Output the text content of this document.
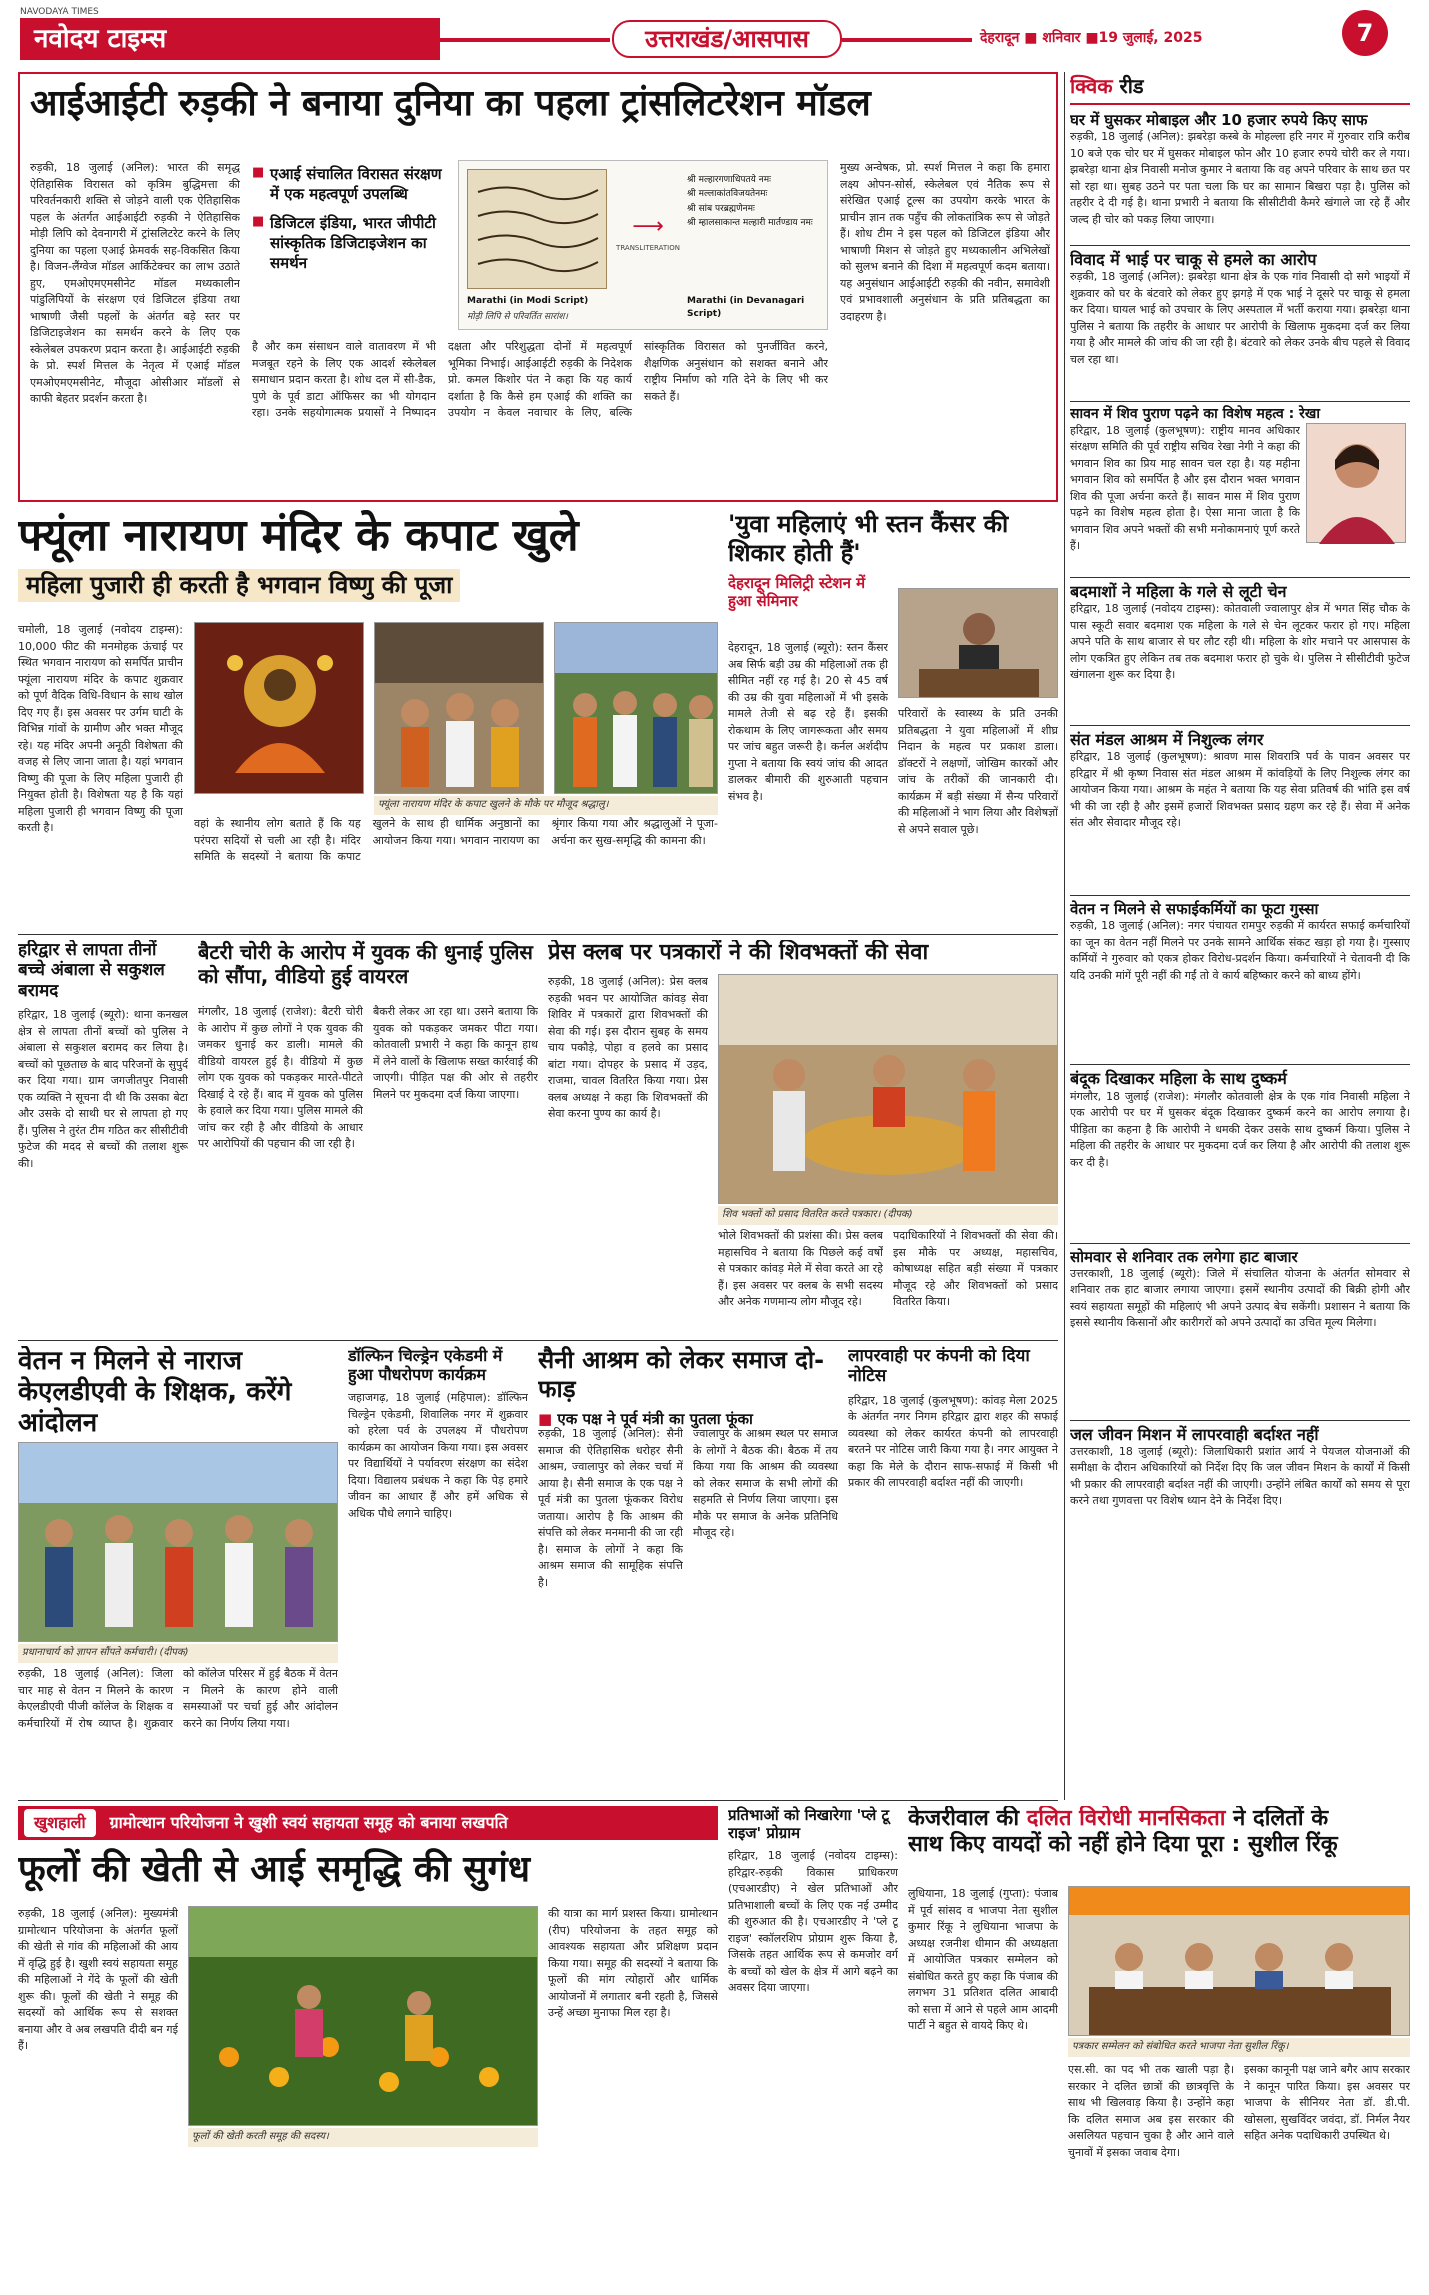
NAVODAYA TIMES
नवोदय टाइम्स	उत्तराखंड/आसपास	देहरादून ■ शनिवार ■19 जुलाई, 2025	7
आईआईटी रुड़की ने बनाया दुनिया का पहला ट्रांसलिटरेशन मॉडल
रुड़की, 18 जुलाई (अनिल): भारत की समृद्ध ऐतिहासिक विरासत को कृत्रिम बुद्धिमत्ता की परिवर्तनकारी शक्ति से जोड़ने वाली एक ऐतिहासिक पहल के अंतर्गत आईआईटी रुड़की ने ऐतिहासिक मोड़ी लिपि को देवनागरी में ट्रांसलिटरेट करने के लिए दुनिया का पहला एआई फ्रेमवर्क सह-विकसित किया है। विजन-लैंग्वेज मॉडल आर्किटेक्चर का लाभ उठाते हुए, एमओएमएमसीनेट मॉडल मध्यकालीन पांडुलिपियों के संरक्षण एवं डिजिटल इंडिया तथा भाषाणी जैसी पहलों के अंतर्गत बड़े स्तर पर डिजिटाइजेशन का समर्थन करने के लिए एक स्केलेबल उपकरण प्रदान करता है। आईआईटी रुड़की के प्रो. स्पर्श मित्तल के नेतृत्व में एआई मॉडल एमओएमएमसीनेट, मौजूदा ओसीआर मॉडलों से काफी बेहतर प्रदर्शन करता है।
■ एआई संचालित विरासत संरक्षण में एक महत्वपूर्ण उपलब्धि
■ डिजिटल इंडिया, भारत जीपीटी सांस्कृतिक डिजिटाइजेशन का समर्थन
⟶
TRANSLITERATION
श्री मल्हारगणाधिपतये नमः
श्री मल्लाकांतविजयतेनमः
श्री सांब परब्रह्मणेनमः
श्री म्हालसाकान्त मल्हारी मार्तण्डाय नमः
Marathi (in Modi Script)	Marathi (in Devanagari Script)
मोड़ी लिपि से परिवर्तित सारांश।
है और कम संसाधन वाले वातावरण में भी मजबूत रहने के लिए एक आदर्श स्केलेबल समाधान प्रदान करता है। शोध दल में सी-डैक, पुणे के पूर्व डाटा ऑफिसर का भी योगदान रहा। उनके सहयोगात्मक प्रयासों ने निष्पादन दक्षता और परिशुद्धता दोनों में महत्वपूर्ण भूमिका निभाई। आईआईटी रुड़की के निदेशक प्रो. कमल किशोर पंत ने कहा कि यह कार्य दर्शाता है कि कैसे हम एआई की शक्ति का उपयोग न केवल नवाचार के लिए, बल्कि सांस्कृतिक विरासत को पुनर्जीवित करने, शैक्षणिक अनुसंधान को सशक्त बनाने और राष्ट्रीय निर्माण को गति देने के लिए भी कर सकते हैं।
मुख्य अन्वेषक, प्रो. स्पर्श मित्तल ने कहा कि हमारा लक्ष्य ओपन-सोर्स, स्केलेबल एवं नैतिक रूप से संरेखित एआई टूल्स का उपयोग करके भारत के प्राचीन ज्ञान तक पहुँच की लोकतांत्रिक रूप से जोड़ते हैं। शोध टीम ने इस पहल को डिजिटल इंडिया और भाषाणी मिशन से जोड़ते हुए मध्यकालीन अभिलेखों को सुलभ बनाने की दिशा में महत्वपूर्ण कदम बताया। यह अनुसंधान आईआईटी रुड़की की नवीन, समावेशी एवं प्रभावशाली अनुसंधान के प्रति प्रतिबद्धता का उदाहरण है।
क्विक रीड
घर में घुसकर मोबाइल और 10 हजार रुपये किए साफ
रुड़की, 18 जुलाई (अनिल): झबरेड़ा कस्बे के मोहल्ला हरि नगर में गुरुवार रात्रि करीब 10 बजे एक चोर घर में घुसकर मोबाइल फोन और 10 हजार रुपये चोरी कर ले गया। झबरेड़ा थाना क्षेत्र निवासी मनोज कुमार ने बताया कि वह अपने परिवार के साथ छत पर सो रहा था। सुबह उठने पर पता चला कि घर का सामान बिखरा पड़ा है। पुलिस को तहरीर दे दी गई है। थाना प्रभारी ने बताया कि सीसीटीवी कैमरे खंगाले जा रहे हैं और जल्द ही चोर को पकड़ लिया जाएगा।
विवाद में भाई पर चाकू से हमले का आरोप
रुड़की, 18 जुलाई (अनिल): झबरेड़ा थाना क्षेत्र के एक गांव निवासी दो सगे भाइयों में शुक्रवार को घर के बंटवारे को लेकर हुए झगड़े में एक भाई ने दूसरे पर चाकू से हमला कर दिया। घायल भाई को उपचार के लिए अस्पताल में भर्ती कराया गया। झबरेड़ा थाना पुलिस ने बताया कि तहरीर के आधार पर आरोपी के खिलाफ मुकदमा दर्ज कर लिया गया है और मामले की जांच की जा रही है। बंटवारे को लेकर उनके बीच पहले से विवाद चल रहा था।
सावन में शिव पुराण पढ़ने का विशेष महत्व : रेखा
हरिद्वार, 18 जुलाई (कुलभूषण): राष्ट्रीय मानव अधिकार संरक्षण समिति की पूर्व राष्ट्रीय सचिव रेखा नेगी ने कहा की भगवान शिव का प्रिय माह सावन चल रहा है। यह महीना भगवान शिव को समर्पित है और इस दौरान भक्त भगवान शिव की पूजा अर्चना करते हैं। सावन मास में शिव पुराण पढ़ने का विशेष महत्व होता है। ऐसा माना जाता है कि भगवान शिव अपने भक्तों की सभी मनोकामनाएं पूर्ण करते हैं।
बदमाशों ने महिला के गले से लूटी चेन
हरिद्वार, 18 जुलाई (नवोदय टाइम्स): कोतवाली ज्वालापुर क्षेत्र में भगत सिंह चौक के पास स्कूटी सवार बदमाश एक महिला के गले से चेन लूटकर फरार हो गए। महिला अपने पति के साथ बाजार से घर लौट रही थी। महिला के शोर मचाने पर आसपास के लोग एकत्रित हुए लेकिन तब तक बदमाश फरार हो चुके थे। पुलिस ने सीसीटीवी फुटेज खंगालना शुरू कर दिया है।
संत मंडल आश्रम में निशुल्क लंगर
हरिद्वार, 18 जुलाई (कुलभूषण): श्रावण मास शिवरात्रि पर्व के पावन अवसर पर हरिद्वार में श्री कृष्ण निवास संत मंडल आश्रम में कांवड़ियों के लिए निशुल्क लंगर का आयोजन किया गया। आश्रम के महंत ने बताया कि यह सेवा प्रतिवर्ष की भांति इस वर्ष भी की जा रही है और इसमें हजारों शिवभक्त प्रसाद ग्रहण कर रहे हैं। सेवा में अनेक संत और सेवादार मौजूद रहे।
वेतन न मिलने से सफाईकर्मियों का फूटा गुस्सा
रुड़की, 18 जुलाई (अनिल): नगर पंचायत रामपुर रुड़की में कार्यरत सफाई कर्मचारियों का जून का वेतन नहीं मिलने पर उनके सामने आर्थिक संकट खड़ा हो गया है। गुस्साए कर्मियों ने गुरुवार को एकत्र होकर विरोध-प्रदर्शन किया। कर्मचारियों ने चेतावनी दी कि यदि उनकी मांगें पूरी नहीं की गईं तो वे कार्य बहिष्कार करने को बाध्य होंगे।
बंदूक दिखाकर महिला के साथ दुष्कर्म
मंगलौर, 18 जुलाई (राजेश): मंगलौर कोतवाली क्षेत्र के एक गांव निवासी महिला ने एक आरोपी पर घर में घुसकर बंदूक दिखाकर दुष्कर्म करने का आरोप लगाया है। पीड़िता का कहना है कि आरोपी ने धमकी देकर उसके साथ दुष्कर्म किया। पुलिस ने महिला की तहरीर के आधार पर मुकदमा दर्ज कर लिया है और आरोपी की तलाश शुरू कर दी है।
सोमवार से शनिवार तक लगेगा हाट बाजार
उत्तरकाशी, 18 जुलाई (ब्यूरो): जिले में संचालित योजना के अंतर्गत सोमवार से शनिवार तक हाट बाजार लगाया जाएगा। इसमें स्थानीय उत्पादों की बिक्री होगी और स्वयं सहायता समूहों की महिलाएं भी अपने उत्पाद बेच सकेंगी। प्रशासन ने बताया कि इससे स्थानीय किसानों और कारीगरों को अपने उत्पादों का उचित मूल्य मिलेगा।
जल जीवन मिशन में लापरवाही बर्दाश्त नहीं
उत्तरकाशी, 18 जुलाई (ब्यूरो): जिलाधिकारी प्रशांत आर्य ने पेयजल योजनाओं की समीक्षा के दौरान अधिकारियों को निर्देश दिए कि जल जीवन मिशन के कार्यों में किसी भी प्रकार की लापरवाही बर्दाश्त नहीं की जाएगी। उन्होंने लंबित कार्यों को समय से पूरा करने तथा गुणवत्ता पर विशेष ध्यान देने के निर्देश दिए।
फ्यूंला नारायण मंदिर के कपाट खुले
महिला पुजारी ही करती है भगवान विष्णु की पूजा
चमोली, 18 जुलाई (नवोदय टाइम्स): 10,000 फीट की मनमोहक ऊंचाई पर स्थित भगवान नारायण को समर्पित प्राचीन फ्यूंला नारायण मंदिर के कपाट शुक्रवार को पूर्ण वैदिक विधि-विधान के साथ खोल दिए गए हैं। इस अवसर पर उर्गम घाटी के विभिन्न गांवों के ग्रामीण और भक्त मौजूद रहे। यह मंदिर अपनी अनूठी विशेषता की वजह से लिए जाना जाता है। यहां भगवान विष्णु की पूजा के लिए महिला पुजारी ही नियुक्त होती है। विशेषता यह है कि यहां महिला पुजारी ही भगवान विष्णु की पूजा करती है।
फ्यूंला नारायण मंदिर के कपाट खुलने के मौके पर मौजूद श्रद्धालु।
वहां के स्थानीय लोग बताते हैं कि यह परंपरा सदियों से चली आ रही है। मंदिर समिति के सदस्यों ने बताया कि कपाट खुलने के साथ ही धार्मिक अनुष्ठानों का आयोजन किया गया। भगवान नारायण का श्रृंगार किया गया और श्रद्धालुओं ने पूजा-अर्चना कर सुख-समृद्धि की कामना की।
'युवा महिलाएं भी स्तन कैंसर की शिकार होती हैं'
देहरादून मिलिट्री स्टेशन में हुआ सेमिनार
देहरादून, 18 जुलाई (ब्यूरो): स्तन कैंसर अब सिर्फ बड़ी उम्र की महिलाओं तक ही सीमित नहीं रह गई है। 20 से 45 वर्ष की उम्र की युवा महिलाओं में भी इसके मामले तेजी से बढ़ रहे हैं। इसकी रोकथाम के लिए जागरूकता और समय पर जांच बहुत जरूरी है। कर्नल अर्शदीप गुप्ता ने बताया कि स्वयं जांच की आदत डालकर बीमारी की शुरुआती पहचान संभव है।
परिवारों के स्वास्थ्य के प्रति उनकी प्रतिबद्धता ने युवा महिलाओं में शीघ्र निदान के महत्व पर प्रकाश डाला। डॉक्टरों ने लक्षणों, जोखिम कारकों और जांच के तरीकों की जानकारी दी। कार्यक्रम में बड़ी संख्या में सैन्य परिवारों की महिलाओं ने भाग लिया और विशेषज्ञों से अपने सवाल पूछे।
हरिद्वार से लापता तीनों बच्चे अंबाला से सकुशल बरामद
हरिद्वार, 18 जुलाई (ब्यूरो): थाना कनखल क्षेत्र से लापता तीनों बच्चों को पुलिस ने अंबाला से सकुशल बरामद कर लिया है। बच्चों को पूछताछ के बाद परिजनों के सुपुर्द कर दिया गया। ग्राम जगजीतपुर निवासी एक व्यक्ति ने सूचना दी थी कि उसका बेटा और उसके दो साथी घर से लापता हो गए हैं। पुलिस ने तुरंत टीम गठित कर सीसीटीवी फुटेज की मदद से बच्चों की तलाश शुरू की।
बैटरी चोरी के आरोप में युवक की धुनाई पुलिस को सौंपा, वीडियो हुई वायरल
मंगलौर, 18 जुलाई (राजेश): बैटरी चोरी के आरोप में कुछ लोगों ने एक युवक की जमकर धुनाई कर डाली। मामले की वीडियो वायरल हुई है। वीडियो में कुछ लोग एक युवक को पकड़कर मारते-पीटते दिखाई दे रहे हैं। बाद में युवक को पुलिस के हवाले कर दिया गया। पुलिस मामले की जांच कर रही है और वीडियो के आधार पर आरोपियों की पहचान की जा रही है।
बैकरी लेकर आ रहा था। उसने बताया कि युवक को पकड़कर जमकर पीटा गया। कोतवाली प्रभारी ने कहा कि कानून हाथ में लेने वालों के खिलाफ सख्त कार्रवाई की जाएगी। पीड़ित पक्ष की ओर से तहरीर मिलने पर मुकदमा दर्ज किया जाएगा।
प्रेस क्लब पर पत्रकारों ने की शिवभक्तों की सेवा
रुड़की, 18 जुलाई (अनिल): प्रेस क्लब रुड़की भवन पर आयोजित कांवड़ सेवा शिविर में पत्रकारों द्वारा शिवभक्तों की सेवा की गई। इस दौरान सुबह के समय चाय पकौड़े, पोहा व हलवे का प्रसाद बांटा गया। दोपहर के प्रसाद में उड़द, राजमा, चावल वितरित किया गया। प्रेस क्लब अध्यक्ष ने कहा कि शिवभक्तों की सेवा करना पुण्य का कार्य है।
शिव भक्तों को प्रसाद वितरित करते पत्रकार। (दीपक)
भोले शिवभक्तों की प्रशंसा की। प्रेस क्लब महासचिव ने बताया कि पिछले कई वर्षों से पत्रकार कांवड़ मेले में सेवा करते आ रहे हैं। इस अवसर पर क्लब के सभी सदस्य और अनेक गणमान्य लोग मौजूद रहे।
पदाधिकारियों ने शिवभक्तों की सेवा की। इस मौके पर अध्यक्ष, महासचिव, कोषाध्यक्ष सहित बड़ी संख्या में पत्रकार मौजूद रहे और शिवभक्तों को प्रसाद वितरित किया।
वेतन न मिलने से नाराज केएलडीएवी के शिक्षक, करेंगे आंदोलन
प्रधानाचार्य को ज्ञापन सौंपते कर्मचारी। (दीपक)
रुड़की, 18 जुलाई (अनिल): जिला चार माह से वेतन न मिलने के कारण केएलडीएवी पीजी कॉलेज के शिक्षक व कर्मचारियों में रोष व्याप्त है। शुक्रवार को कॉलेज परिसर में हुई बैठक में वेतन न मिलने के कारण होने वाली समस्याओं पर चर्चा हुई और आंदोलन करने का निर्णय लिया गया।
डॉल्फिन चिल्ड्रेन एकेडमी में हुआ पौधरोपण कार्यक्रम
जहाजगढ़, 18 जुलाई (महिपाल): डॉल्फिन चिल्ड्रेन एकेडमी, शिवालिक नगर में शुक्रवार को हरेला पर्व के उपलक्ष्य में पौधरोपण कार्यक्रम का आयोजन किया गया। इस अवसर पर विद्यार्थियों ने पर्यावरण संरक्षण का संदेश दिया। विद्यालय प्रबंधक ने कहा कि पेड़ हमारे जीवन का आधार हैं और हमें अधिक से अधिक पौधे लगाने चाहिए।
सैनी आश्रम को लेकर समाज दो-फाड़
■ एक पक्ष ने पूर्व मंत्री का पुतला फूंका
रुड़की, 18 जुलाई (अनिल): सैनी समाज की ऐतिहासिक धरोहर सैनी आश्रम, ज्वालापुर को लेकर चर्चा में आया है। सैनी समाज के एक पक्ष ने पूर्व मंत्री का पुतला फूंककर विरोध जताया। आरोप है कि आश्रम की संपत्ति को लेकर मनमानी की जा रही है। समाज के लोगों ने कहा कि आश्रम समाज की सामूहिक संपत्ति है।
ज्वालापुर के आश्रम स्थल पर समाज के लोगों ने बैठक की। बैठक में तय किया गया कि आश्रम की व्यवस्था को लेकर समाज के सभी लोगों की सहमति से निर्णय लिया जाएगा। इस मौके पर समाज के अनेक प्रतिनिधि मौजूद रहे।
लापरवाही पर कंपनी को दिया नोटिस
हरिद्वार, 18 जुलाई (कुलभूषण): कांवड़ मेला 2025 के अंतर्गत नगर निगम हरिद्वार द्वारा शहर की सफाई व्यवस्था को लेकर कार्यरत कंपनी को लापरवाही बरतने पर नोटिस जारी किया गया है। नगर आयुक्त ने कहा कि मेले के दौरान साफ-सफाई में किसी भी प्रकार की लापरवाही बर्दाश्त नहीं की जाएगी।
खुशहाली	ग्रामोत्थान परियोजना ने खुशी स्वयं सहायता समूह को बनाया लखपति
फूलों की खेती से आई समृद्धि की सुगंध
रुड़की, 18 जुलाई (अनिल): मुख्यमंत्री ग्रामोत्थान परियोजना के अंतर्गत फूलों की खेती से गांव की महिलाओं की आय में वृद्धि हुई है। खुशी स्वयं सहायता समूह की महिलाओं ने गेंदे के फूलों की खेती शुरू की। फूलों की खेती ने समूह की सदस्यों को आर्थिक रूप से सशक्त बनाया और वे अब लखपति दीदी बन गई हैं।
फूलों की खेती करती समूह की सदस्य।
की यात्रा का मार्ग प्रशस्त किया। ग्रामोत्थान (रीप) परियोजना के तहत समूह को आवश्यक सहायता और प्रशिक्षण प्रदान किया गया। समूह की सदस्यों ने बताया कि फूलों की मांग त्योहारों और धार्मिक आयोजनों में लगातार बनी रहती है, जिससे उन्हें अच्छा मुनाफा मिल रहा है।
प्रतिभाओं को निखारेगा 'प्ले टू राइज' प्रोग्राम
हरिद्वार, 18 जुलाई (नवोदय टाइम्स): हरिद्वार-रुड़की विकास प्राधिकरण (एचआरडीए) ने खेल प्रतिभाओं और प्रतिभाशाली बच्चों के लिए एक नई उम्मीद की शुरुआत की है। एचआरडीए ने 'प्ले टू राइज' स्कॉलरशिप प्रोग्राम शुरू किया है, जिसके तहत आर्थिक रूप से कमजोर वर्ग के बच्चों को खेल के क्षेत्र में आगे बढ़ने का अवसर दिया जाएगा।
केजरीवाल की दलित विरोधी मानसिकता ने दलितों के
साथ किए वायदों को नहीं होने दिया पूरा : सुशील रिंकू
लुधियाना, 18 जुलाई (गुप्ता): पंजाब में पूर्व सांसद व भाजपा नेता सुशील कुमार रिंकू ने लुधियाना भाजपा के अध्यक्ष रजनीश धीमान की अध्यक्षता में आयोजित पत्रकार सम्मेलन को संबोधित करते हुए कहा कि पंजाब की लगभग 31 प्रतिशत दलित आबादी को सत्ता में आने से पहले आम आदमी पार्टी ने बहुत से वायदे किए थे।
पत्रकार सम्मेलन को संबोधित करते भाजपा नेता सुशील रिंकू।
एस.सी. का पद भी तक खाली पड़ा है। सरकार ने दलित छात्रों की छात्रवृत्ति के साथ भी खिलवाड़ किया है। उन्होंने कहा कि दलित समाज अब इस सरकार की असलियत पहचान चुका है और आने वाले चुनावों में इसका जवाब देगा।
इसका कानूनी पक्ष जाने बगैर आप सरकार ने कानून पारित किया। इस अवसर पर भाजपा के सीनियर नेता डॉ. डी.पी. खोसला, सुखविंदर जवंदा, डॉ. निर्मल नैयर सहित अनेक पदाधिकारी उपस्थित थे।
